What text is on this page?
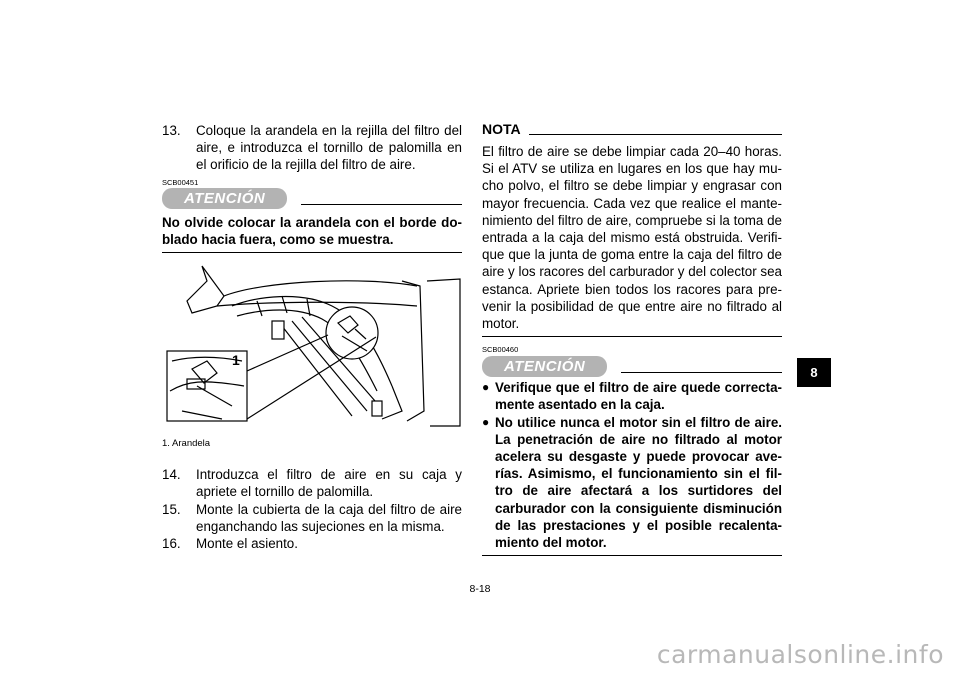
13.	Coloque la arandela en la rejilla del filtro del aire, e introduzca el tornillo de palomilla en el orificio de la rejilla del filtro de aire.
SCB00451
ATENCIÓN
No olvide colocar la arandela con el borde do-blado hacia fuera, como se muestra.
1
1. Arandela
14.	Introduzca el filtro de aire en su caja y apriete el tornillo de palomilla.
15.	Monte la cubierta de la caja del filtro de aire enganchando las sujeciones en la misma.
16.	Monte el asiento.
NOTA
El filtro de aire se debe limpiar cada 20–40 horas. Si el ATV se utiliza en lugares en los que hay mu-cho polvo, el filtro se debe limpiar y engrasar con mayor frecuencia. Cada vez que realice el mante-nimiento del filtro de aire, compruebe si la toma de entrada a la caja del mismo está obstruida. Verifi-que que la junta de goma entre la caja del filtro de aire y los racores del carburador y del colector sea estanca. Apriete bien todos los racores para pre-venir la posibilidad de que entre aire no filtrado al motor.
SCB00460
ATENCIÓN
● Verifique que el filtro de aire quede correcta-mente asentado en la caja.
● No utilice nunca el motor sin el filtro de aire. La penetración de aire no filtrado al motor acelera su desgaste y puede provocar ave-rías. Asimismo, el funcionamiento sin el fil-tro de aire afectará a los surtidores del carburador con la consiguiente disminución de las prestaciones y el posible recalenta-miento del motor.
8
8-18
carmanualsonline.info
